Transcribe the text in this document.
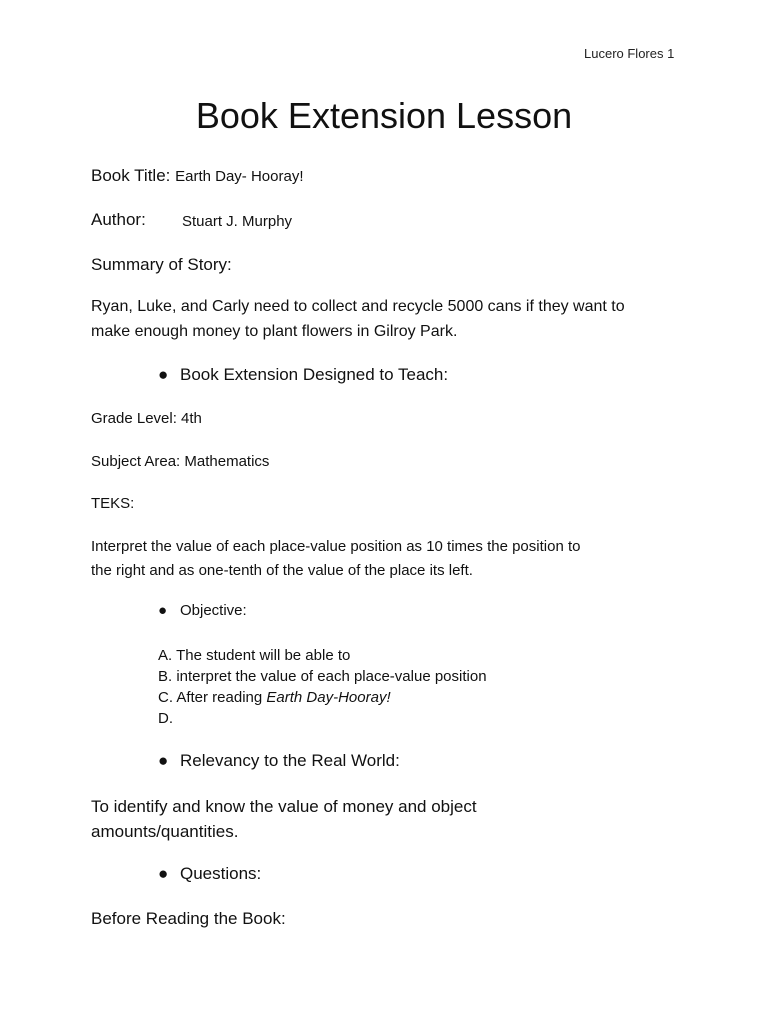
Lucero Flores 1
Book Extension Lesson
Book Title: Earth Day- Hooray!
Author: Stuart J. Murphy
Summary of Story:
Ryan, Luke, and Carly need to collect and recycle 5000 cans if they want to
make enough money to plant flowers in Gilroy Park.
● Book Extension Designed to Teach:
Grade Level: 4th
Subject Area: Mathematics
TEKS:
Interpret the value of each place-value position as 10 times the position to
the right and as one-tenth of the value of the place its left.
● Objective:
A. The student will be able to
B. interpret the value of each place-value position
C. After reading Earth Day-Hooray!
D.
● Relevancy to the Real World:
To identify and know the value of money and object
amounts/quantities.
● Questions:
Before Reading the Book:
